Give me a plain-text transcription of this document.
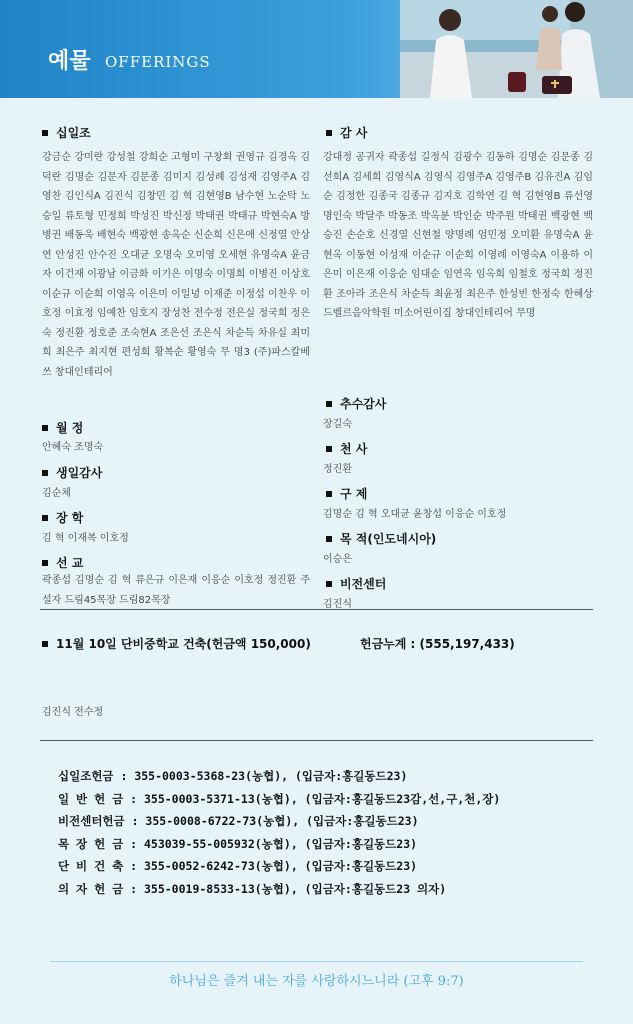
예물 OFFERINGS
십일조
강금순 강미란 강성철 강희순 고형미 구창회 권영규 김경옥 김덕란 김명순 김문자 김문종 김미지 김성례 김성재 김영주A 김영찬 김인식A 김진식 김창민 김 혁 김현영B 남수현 노순탁 노승일 류토형 민정희 박성진 박신정 박태권 박태규 박현숙A 방병권 배동욱 배현숙 백광현 송옥순 신순희 신은애 신정열 안상연 안성진 안수진 오대균 오명숙 오미영 오세현 유명숙A 윤금자 이건재 이광남 이금화 이기은 이명숙 이명희 이병진 이상호 이순규 이순희 이영옥 이은미 이일녕 이재준 이정섭 이찬우 이호정 이효정 임예찬 임호지 장성찬 전수정 전은실 정국희 정은숙 정진환 정호준 조숙현A 조은선 조은식 차순득 차유실 최미희 최은주 최지현 편성희 황복순 황영숙 무 명3 (주)파스칼베쓰 창대인테리어
감 사
강대정 공귀자 곽종섭 길정식 김광수 김동하 김명순 김문종 김선희A 김세희 김영식A 김영식 김영주A 김영주B 김유진A 김임순 김정한 김종국 김종규 김지호 김학연 김 혁 김현영B 류선영 명인숙 박달주 박동조 박옥분 박인순 박주원 박태권 백광현 백승진 손순호 신경열 신현철 양명례 엄민정 오미환 유명숙A 윤현옥 이동현 이성재 이순규 이순희 이영례 이영숙A 이용하 이은미 이은재 이응순 임대순 임연옥 임옥희 임철호 정국희 정진환 조아라 조은식 차순득 최윤정 최은주 한성빈 한정숙 한혜상 드벨르음악학원 미소어린이집 창대인테리어 무명
월 정
안혜숙 조명숙
생일감사
김순체
장 학
김 혁 이재복 이호정
선 교
곽종섭 김명순 김 혁 류은규 이은재 이응순 이호정 정진환 주설자 드림45목장 드림82목장
추수감사
장길숙
천 사
정진환
구 제
김명순 김 혁 오대균 윤창섭 이응순 이호정
목 적(인도네시아)
이승은
비전센터
김진식
11월 10일 단비중학교 건축(헌금액 150,000)	헌금누계 : (555,197,433)
김진식 전수정
십일조헌금 : 355-0003-5368-23(농협), (입금자:홍길동드23)
일 반 헌 금 : 355-0003-5371-13(농협), (입금자:홍길동드23감,선,구,천,장)
비전센터헌금 : 355-0008-6722-73(농협), (입금자:홍길동드23)
목 장 헌 금 : 453039-55-005932(농협), (입금자:홍길동드23)
단 비 건 축 : 355-0052-6242-73(농협), (입금자:홍길동드23)
의 자 헌 금 : 355-0019-8533-13(농협), (입금자:홍길동드23 의자)
하나님은 즐겨 내는 자를 사랑하시느니라 (고후 9:7)
